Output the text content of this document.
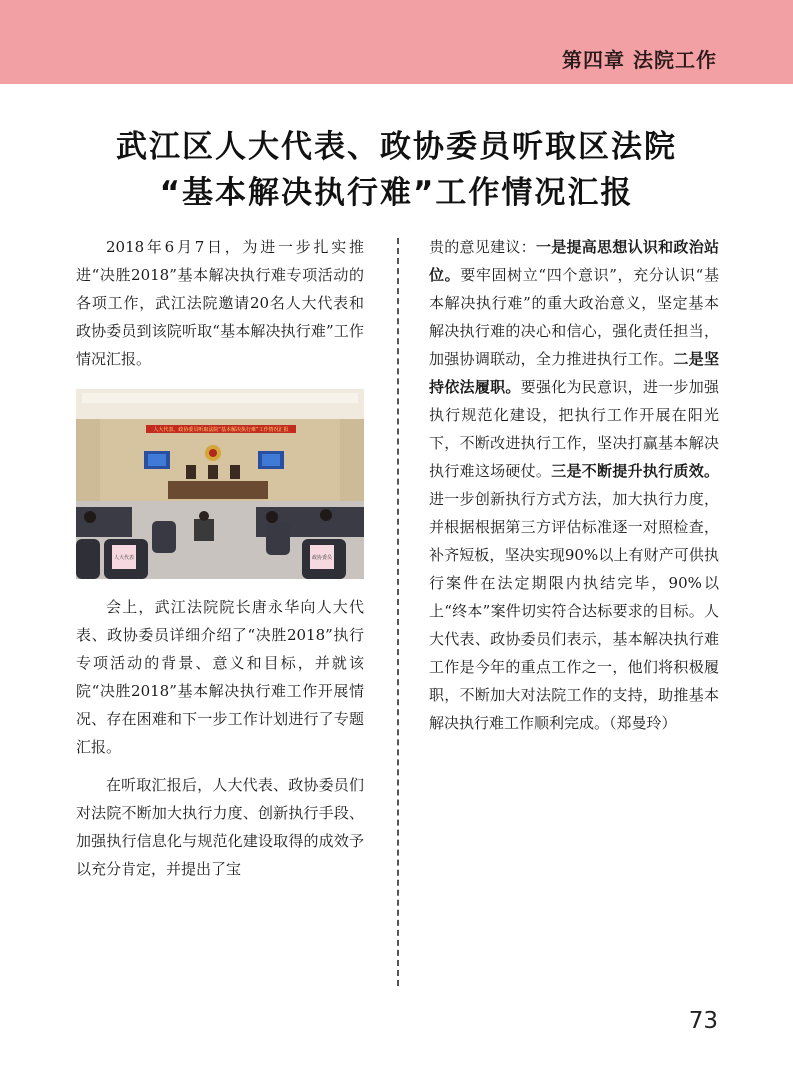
第四章 法院工作
武江区人大代表、政协委员听取区法院
“基本解决执行难”工作情况汇报

2018年6月7日，为进一步扎实推进“决胜2018”基本解决执行难专项活动的各项工作，武江法院邀请20名人大代表和政协委员到该院听取“基本解决执行难”工作情况汇报。

人大代表、政协委员听取法院“基本解决执行难”工作情况汇报
人大代表	政协委员

会上，武江法院院长唐永华向人大代表、政协委员详细介绍了“决胜2018”执行专项活动的背景、意义和目标，并就该院“决胜2018”基本解决执行难工作开展情况、存在困难和下一步工作计划进行了专题汇报。

在听取汇报后，人大代表、政协委员们对法院不断加大执行力度、创新执行手段、加强执行信息化与规范化建设取得的成效予以充分肯定，并提出了宝

贵的意见建议：一是提高思想认识和政治站位。要牢固树立“四个意识”，充分认识“基本解决执行难”的重大政治意义，坚定基本解决执行难的决心和信心，强化责任担当，加强协调联动，全力推进执行工作。二是坚持依法履职。要强化为民意识，进一步加强执行规范化建设，把执行工作开展在阳光下，不断改进执行工作，坚决打赢基本解决执行难这场硬仗。三是不断提升执行质效。进一步创新执行方式方法，加大执行力度，并根据根据第三方评估标准逐一对照检查，补齐短板，坚决实现90%以上有财产可供执行案件在法定期限内执结完毕，90%以上“终本”案件切实符合达标要求的目标。人大代表、政协委员们表示，基本解决执行难工作是今年的重点工作之一，他们将积极履职，不断加大对法院工作的支持，助推基本解决执行难工作顺利完成。（郑曼玲）

73
